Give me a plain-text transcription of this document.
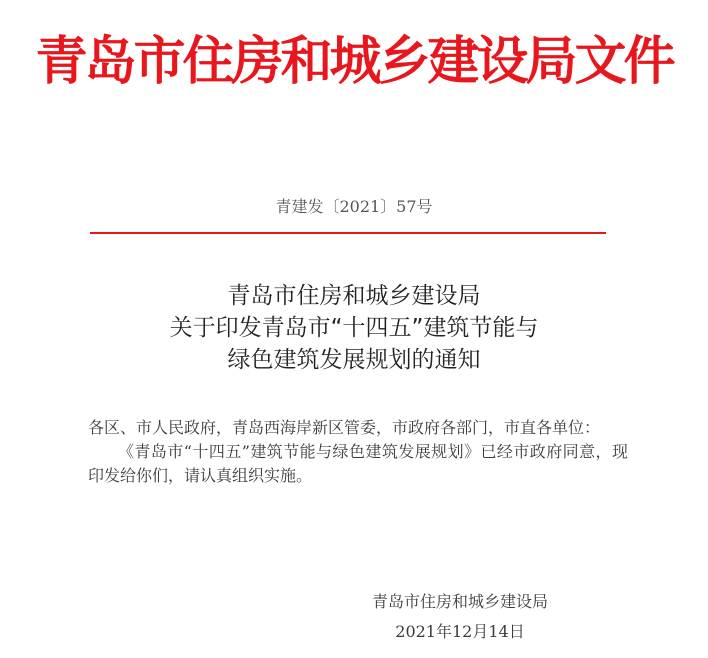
青岛市住房和城乡建设局文件
青建发〔2021〕57号
青岛市住房和城乡建设局
关于印发青岛市“十四五”建筑节能与
绿色建筑发展规划的通知

各区、市人民政府，青岛西海岸新区管委，市政府各部门，市直各单位：

《青岛市“十四五”建筑节能与绿色建筑发展规划》已经市政府同意，现印发给你们，请认真组织实施。

青岛市住房和城乡建设局
2021年12月14日
